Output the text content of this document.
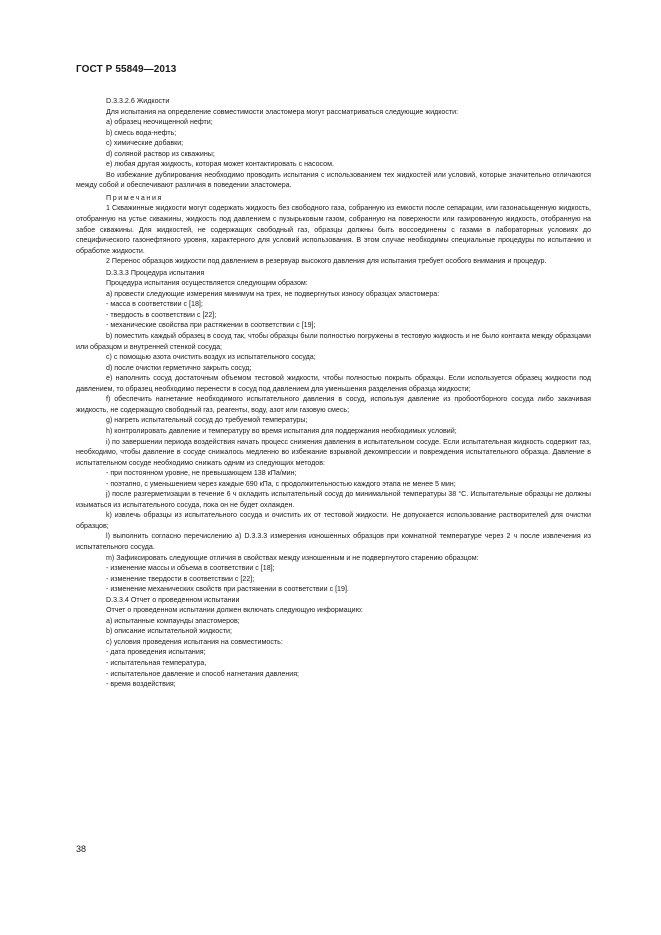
ГОСТ Р 55849—2013

D.3.3.2.6 Жидкости

Для испытания на определение совместимости эластомера могут рассматриваться следующие жидкости:

a) образец неочищенной нефти;

b) смесь вода-нефть;

c) химические добавки;

d) соляной раствор из скважины;

e) любая другая жидкость, которая может контактировать с насосом.

Во избежание дублирования необходимо проводить испытания с использованием тех жидкостей или условий, которые значительно отличаются между собой и обеспечивают различия в поведении эластомера.

Примечания

1 Скважинные жидкости могут содержать жидкость без свободного газа, собранную из емкости после сепарации, или газонасыщенную жидкость, отобранную на устье скважины, жидкость под давлением с пузырьковым газом, собранную на поверхности или газированную жидкость, отобранную на забое скважины. Для жидкостей, не содержащих свободный газ, образцы должны быть воссоединены с газами в лабораторных условиях до специфического газонефтяного уровня, характерного для условий использования. В этом случае необходимы специальные процедуры по испытанию и обработке жидкости.

2 Перенос образцов жидкости под давлением в резервуар высокого давления для испытания требует особого внимания и процедур.

D.3.3.3 Процедура испытания

Процедура испытания осуществляется следующим образом:

a) провести следующие измерения минимум на трех, не подвергнутых износу образцах эластомера:

- масса в соответствии с [18];

- твердость в соответствии с [22];

- механические свойства при растяжении в соответствии с [19];

b) поместить каждый образец в сосуд так, чтобы образцы были полностью погружены в тестовую жидкость и не было контакта между образцами или образцом и внутренней стенкой сосуда;

c) с помощью азота очистить воздух из испытательного сосуда;

d) после очистки герметично закрыть сосуд;

e) наполнить сосуд достаточным объемом тестовой жидкости, чтобы полностью покрыть образцы. Если используется образец жидкости под давлением, то образец необходимо перенести в сосуд под давлением для уменьшения разделения образца жидкости;

f) обеспечить нагнетание необходимого испытательного давления в сосуд, используя давление из пробоотборного сосуда либо закачивая жидкость, не содержащую свободный газ, реагенты, воду, азот или газовую смесь;

g) нагреть испытательный сосуд до требуемой температуры;

h) контролировать давление и температуру во время испытания для поддержания необходимых условий;

i) по завершении периода воздействия начать процесс снижения давления в испытательном сосуде. Если испытательная жидкость содержит газ, необходимо, чтобы давление в сосуде снижалось медленно во избежание взрывной декомпрессии и повреждения испытательного образца. Давление в испытательном сосуде необходимо снижать одним из следующих методов:

- при постоянном уровне, не превышающем 138 кПа/мин;

- поэтапно, с уменьшением через каждые 690 кПа, с продолжительностью каждого этапа не менее 5 мин;

j) после разгерметизации в течение 6 ч охладить испытательный сосуд до минимальной температуры 38 °C. Испытательные образцы не должны изыматься из испытательного сосуда, пока он не будет охлажден.

k) извлечь образцы из испытательного сосуда и очистить их от тестовой жидкости. Не допускается использование растворителей для очистки образцов;

l) выполнить согласно перечислению a) D.3.3.3 измерения изношенных образцов при комнатной температуре через 2 ч после извлечения из испытательного сосуда.

m) Зафиксировать следующие отличия в свойствах между изношенным и не подвергнутого старению образцом:

- изменение массы и объема в соответствии с [18];

- изменение твердости в соответствии с [22];

- изменение механических свойств при растяжении в соответствии с [19].

D.3.3.4 Отчет о проведенном испытании

Отчет о проведенном испытании должен включать следующую информацию:

a) испытанные компаунды эластомеров;

b) описание испытательной жидкости;

c) условия проведения испытания на совместимость:

- дата проведения испытания;

- испытательная температура,

- испытательное давление и способ нагнетания давления;

- время воздействия;

38
